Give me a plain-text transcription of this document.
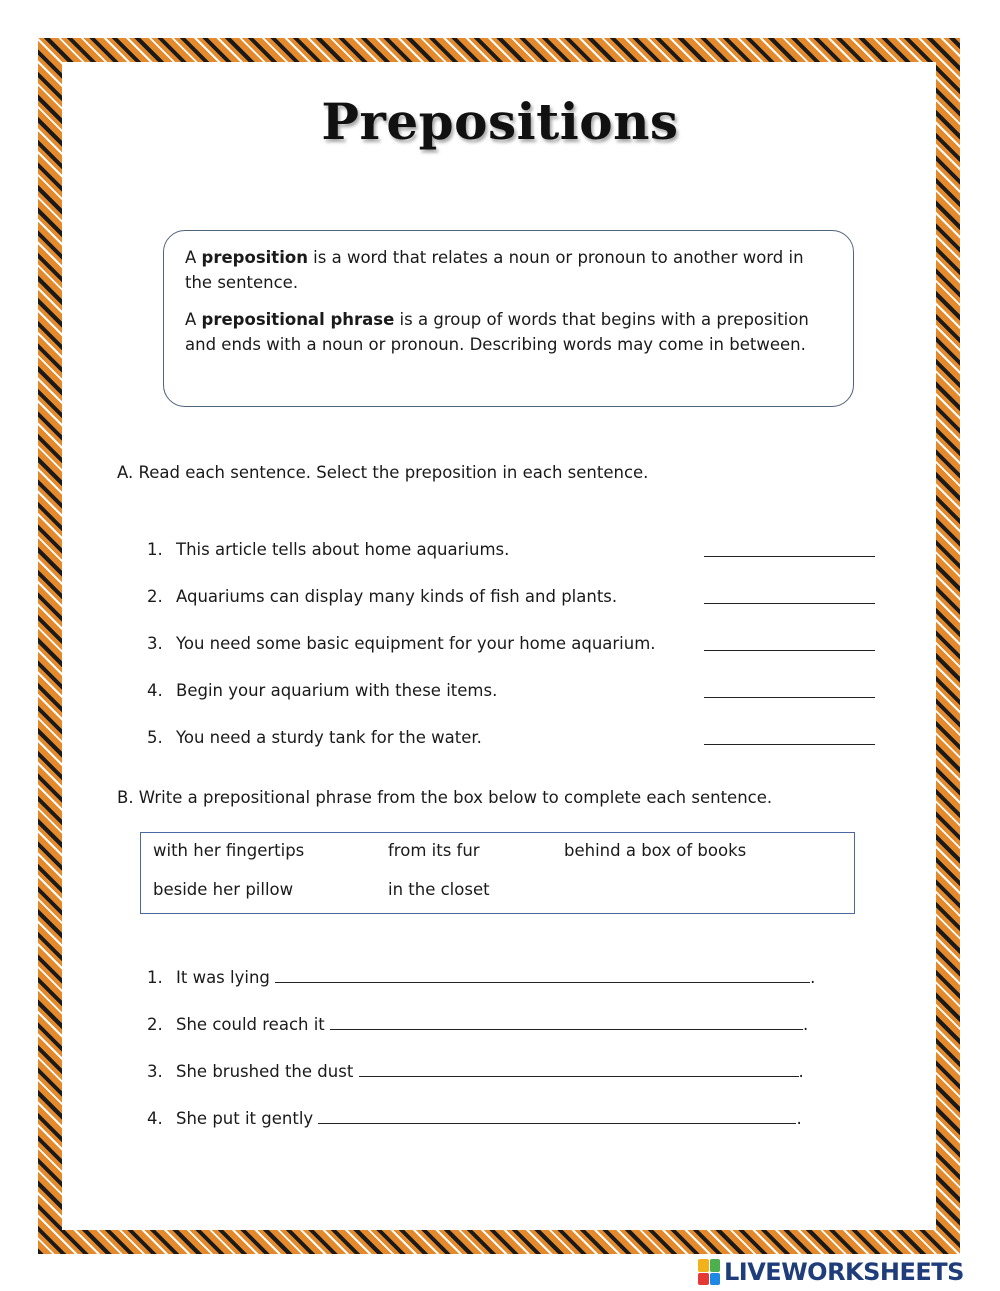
Prepositions

A preposition is a word that relates a noun or pronoun to another word in the sentence.

A prepositional phrase is a group of words that begins with a preposition and ends with a noun or pronoun. Describing words may come in between.

A. Read each sentence. Select the preposition in each sentence.
1. This article tells about home aquariums.
2. Aquariums can display many kinds of fish and plants.
3. You need some basic equipment for your home aquarium.
4. Begin your aquarium with these items.
5. You need a sturdy tank for the water.
B. Write a prepositional phrase from the box below to complete each sentence.
with her fingertips	from its fur	behind a box of books
beside her pillow	in the closet
1. It was lying	.
2. She could reach it	.
3. She brushed the dust	.
4. She put it gently	.
LIVEWORKSHEETS
